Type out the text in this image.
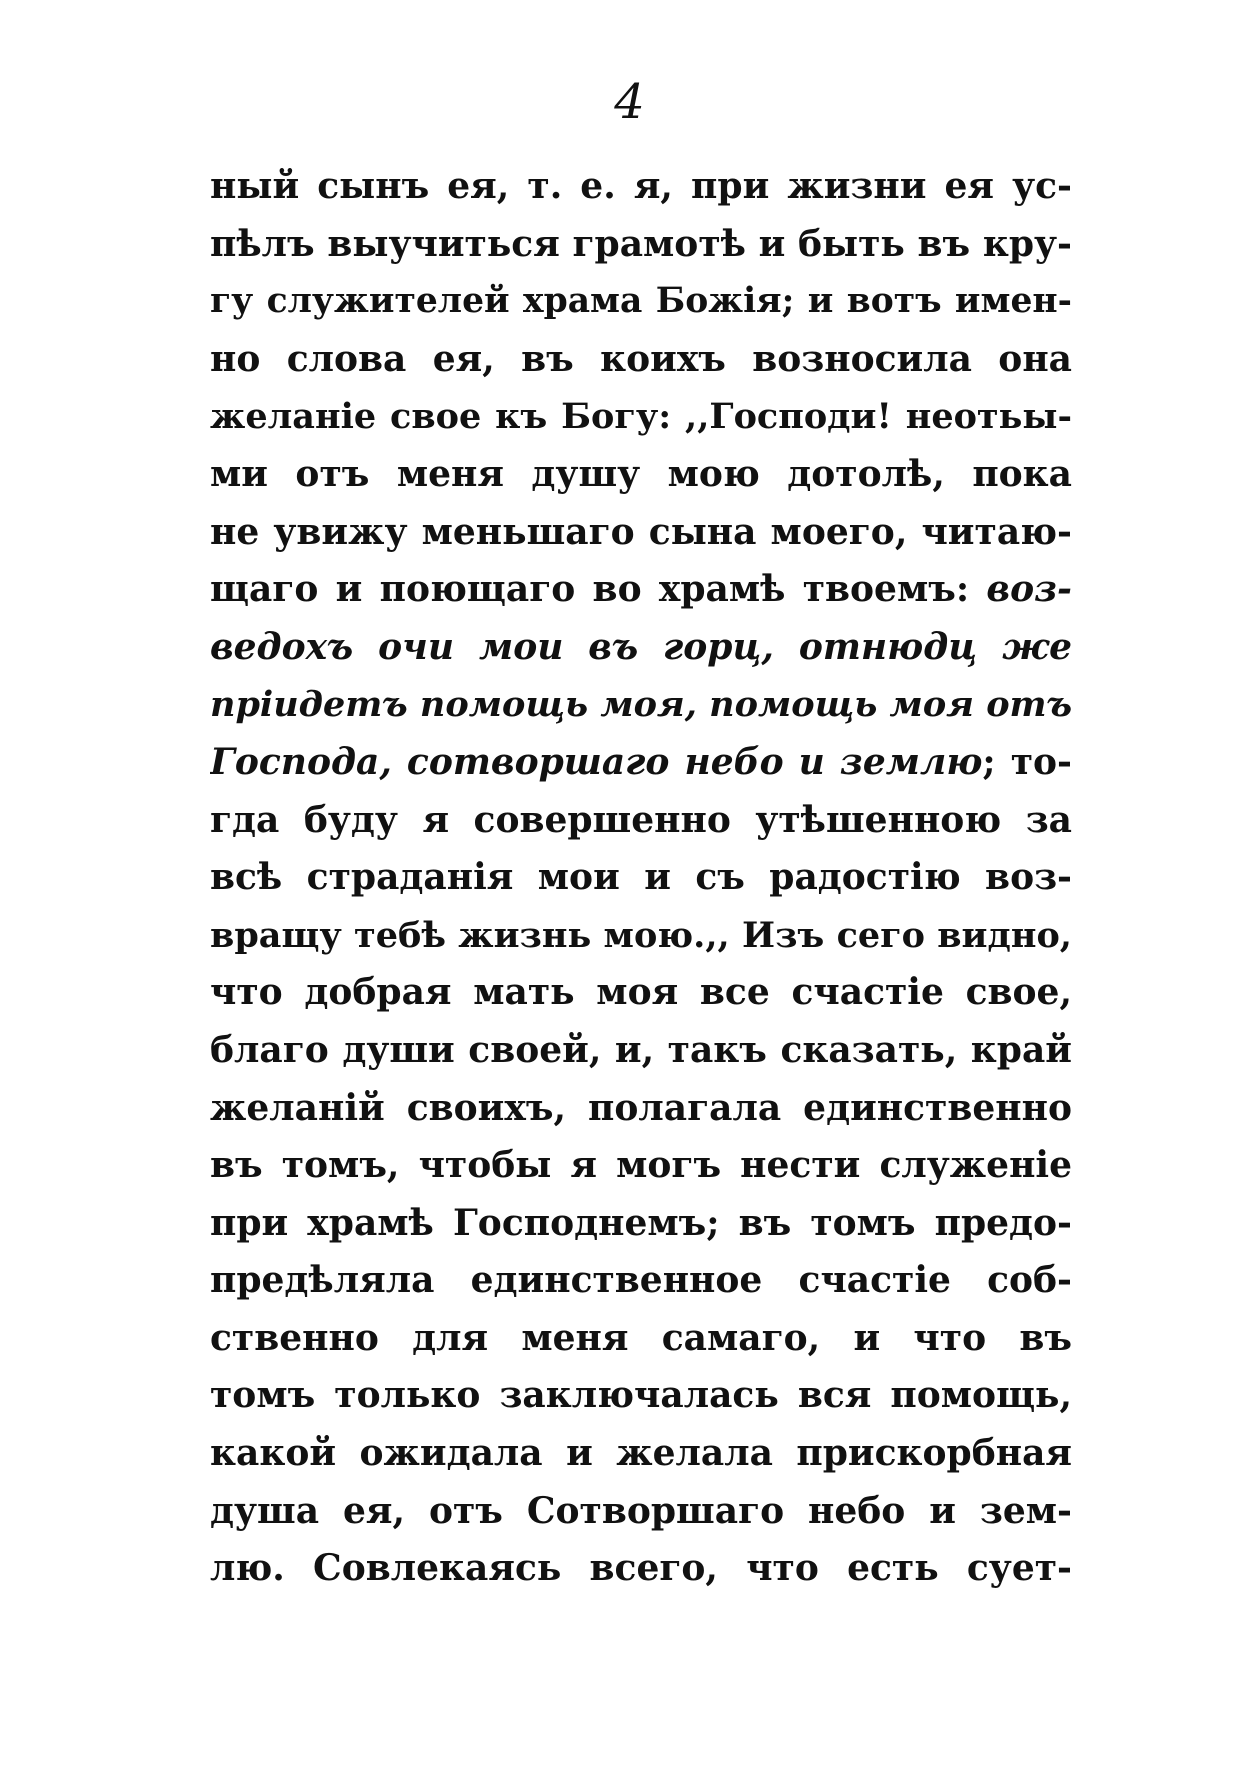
4
ный сынъ ея, т. е. я, при жизни ея ус-
пѣлъ выучиться грамотѣ и быть въ кру-
гу служителей храма Божія; и вотъ имен-
но слова ея, въ коихъ возносила она
желаніе свое къ Богу: ,,Господи! неотьы-
ми отъ меня душу мою дотолѣ, пока
не увижу меньшаго сына моего, читаю-
щаго и поющаго во храмѣ твоемъ: воз-
ведохъ очи мои въ горц, отнюдц же
пріидетъ помощь моя, помощь моя отъ
Господа, сотворшаго небо и землю; то-
гда буду я совершенно утѣшенною за
всѣ страданія мои и съ радостію воз-
вращу тебѣ жизнь мою.,, Изъ сего видно,
что добрая мать моя все счастіе свое,
благо души своей, и, такъ сказать, край
желаній своихъ, полагала единственно
въ томъ, чтобы я могъ нести служеніе
при храмѣ Господнемъ; въ томъ предо-
предѣляла единственное счастіе соб-
ственно для меня самаго, и что въ
томъ только заключалась вся помощь,
какой ожидала и желала прискорбная
душа ея, отъ Сотворшаго небо и зем-
лю. Совлекаясь всего, что есть сует-
